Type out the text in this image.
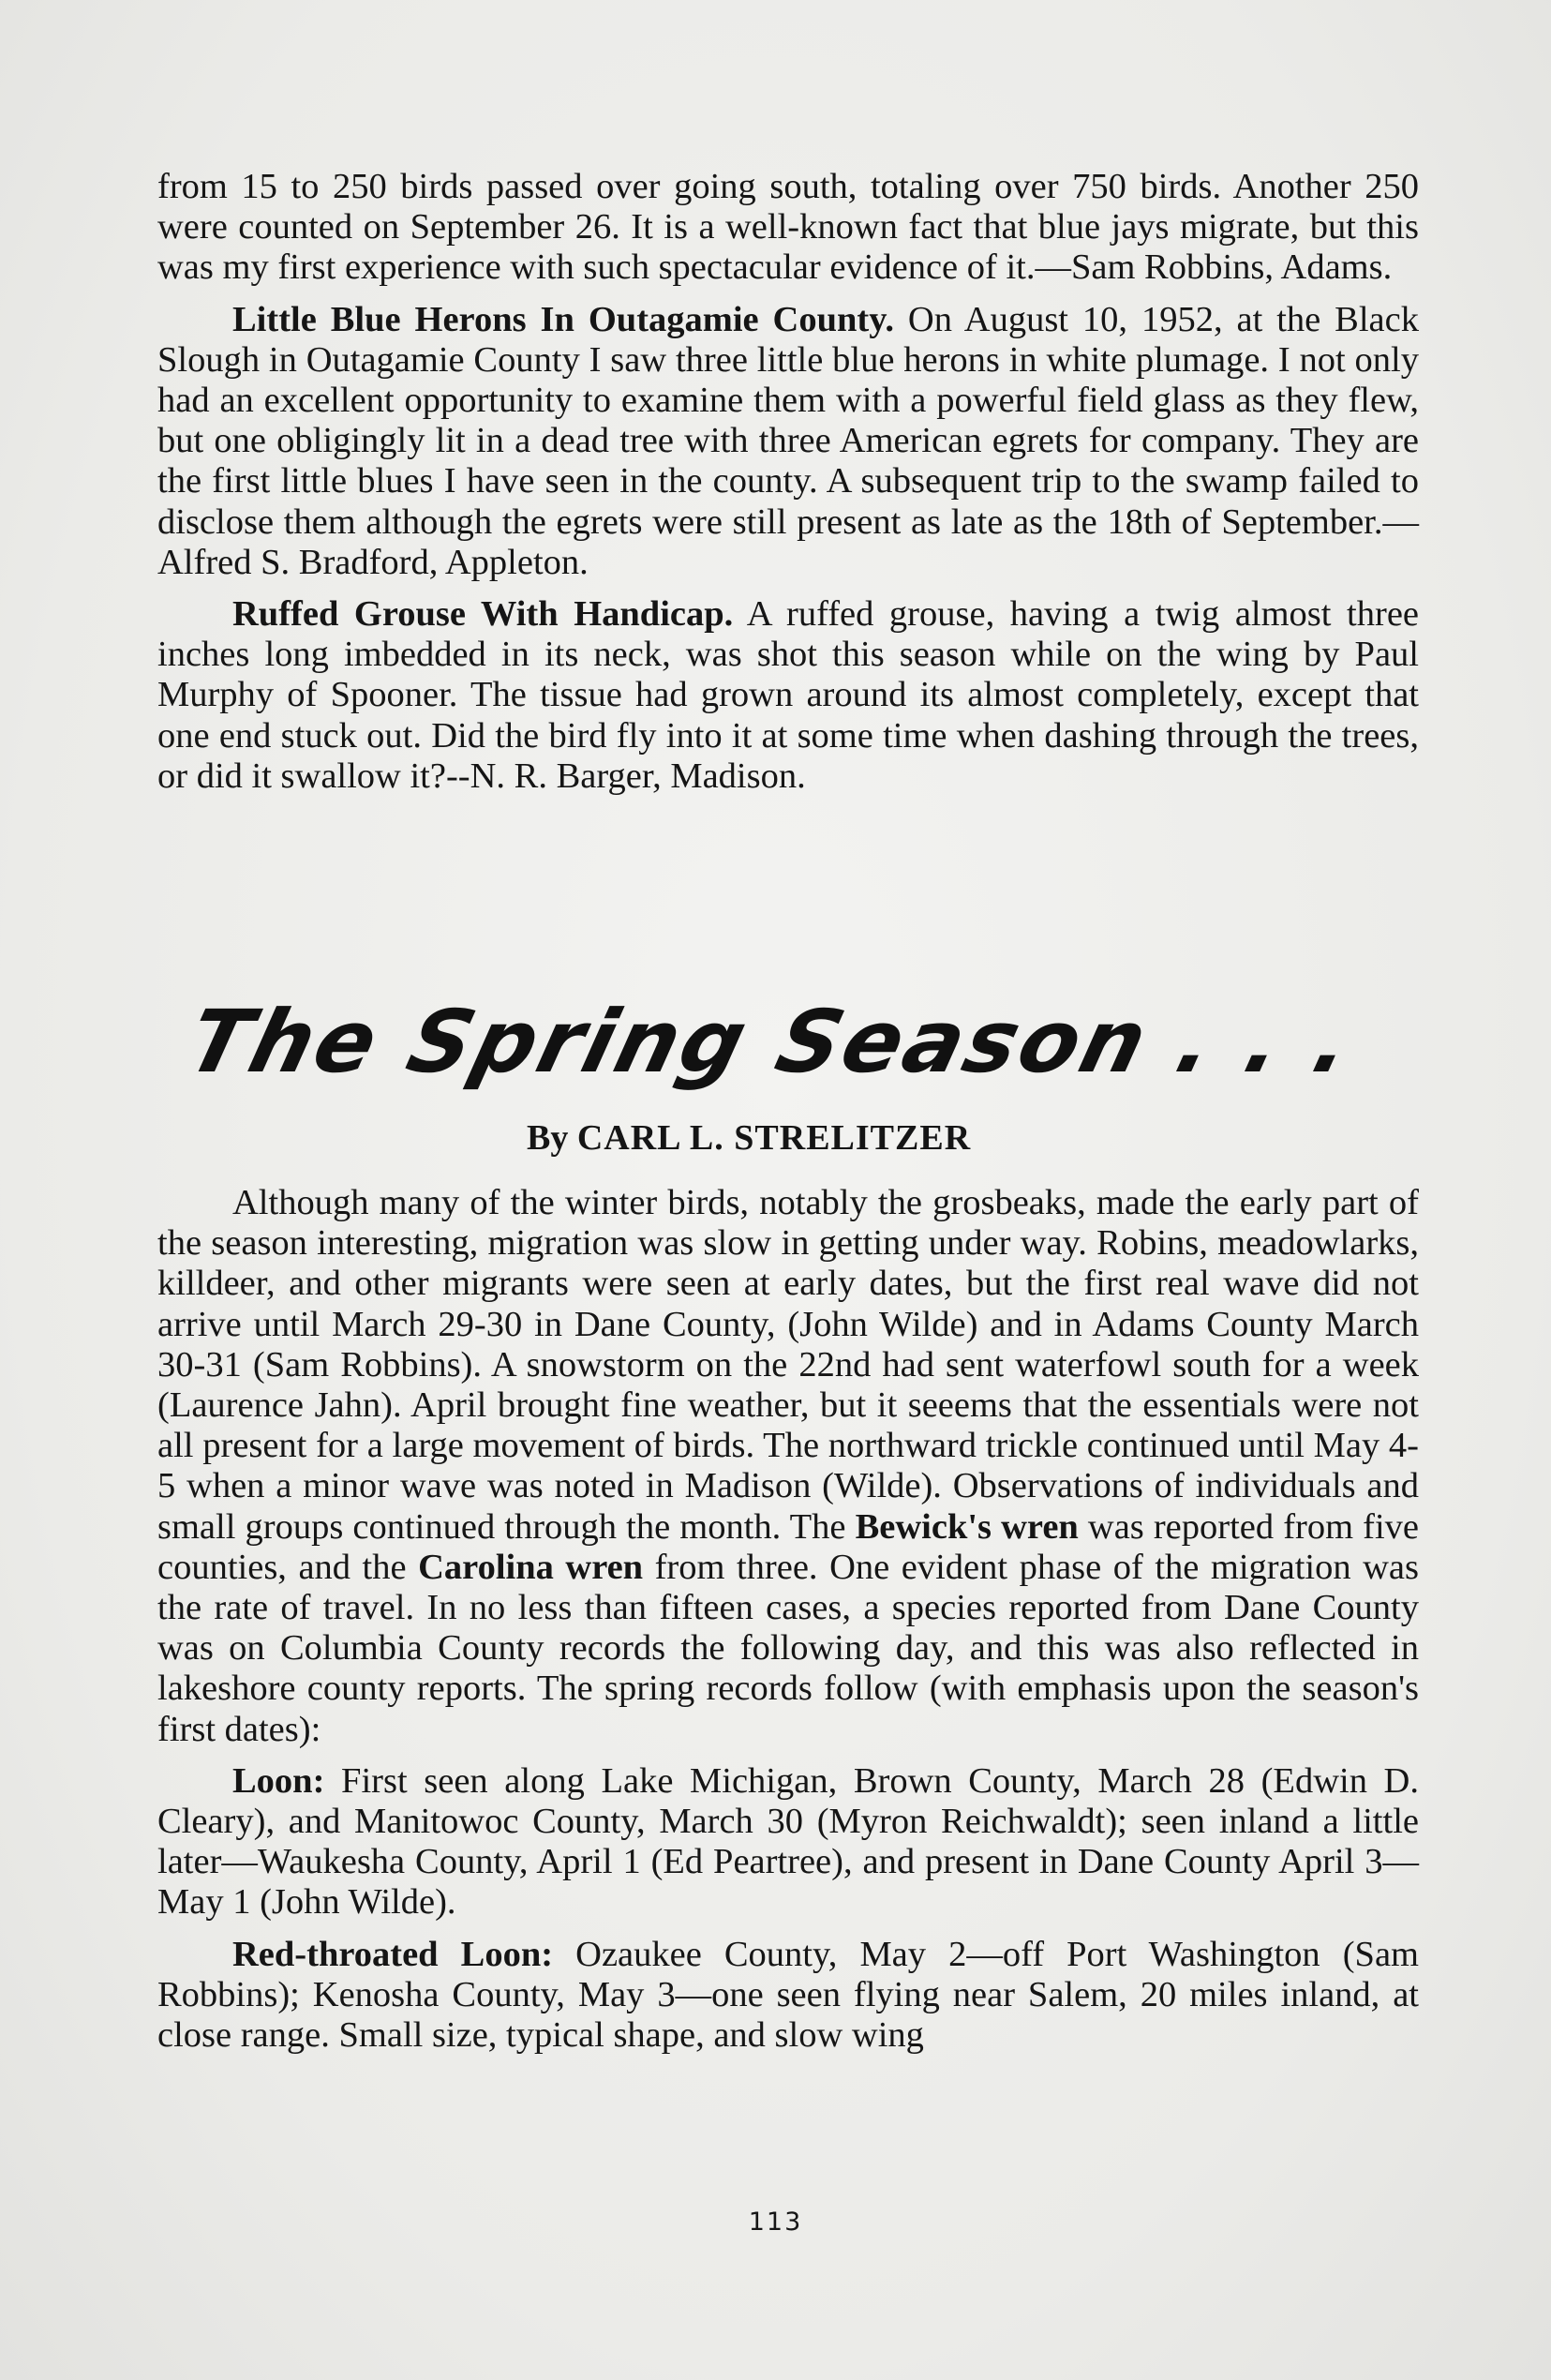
from 15 to 250 birds passed over going south, totaling over 750 birds. Another 250 were counted on September 26. It is a well-known fact that blue jays migrate, but this was my first experience with such spectacular evidence of it.—Sam Robbins, Adams.

Little Blue Herons In Outagamie County. On August 10, 1952, at the Black Slough in Outagamie County I saw three little blue herons in white plumage. I not only had an excellent opportunity to examine them with a powerful field glass as they flew, but one obligingly lit in a dead tree with three American egrets for company. They are the first little blues I have seen in the county. A subsequent trip to the swamp failed to disclose them although the egrets were still present as late as the 18th of September.—Alfred S. Bradford, Appleton.

Ruffed Grouse With Handicap. A ruffed grouse, having a twig almost three inches long imbedded in its neck, was shot this season while on the wing by Paul Murphy of Spooner. The tissue had grown around its almost completely, except that one end stuck out. Did the bird fly into it at some time when dashing through the trees, or did it swallow it?--N. R. Barger, Madison.

The Spring Season . . .
By CARL L. STRELITZER

Although many of the winter birds, notably the grosbeaks, made the early part of the season interesting, migration was slow in getting under way. Robins, meadowlarks, killdeer, and other migrants were seen at early dates, but the first real wave did not arrive until March 29-30 in Dane County, (John Wilde) and in Adams County March 30-31 (Sam Robbins). A snowstorm on the 22nd had sent waterfowl south for a week (Laurence Jahn). April brought fine weather, but it seeems that the essentials were not all present for a large movement of birds. The northward trickle continued until May 4-5 when a minor wave was noted in Madison (Wilde). Observations of individuals and small groups continued through the month. The Bewick's wren was reported from five counties, and the Carolina wren from three. One evident phase of the migration was the rate of travel. In no less than fifteen cases, a species reported from Dane County was on Columbia County records the following day, and this was also reflected in lakeshore county reports. The spring records follow (with emphasis upon the season's first dates):

Loon: First seen along Lake Michigan, Brown County, March 28 (Edwin D. Cleary), and Manitowoc County, March 30 (Myron Reichwaldt); seen inland a little later—Waukesha County, April 1 (Ed Peartree), and present in Dane County April 3—May 1 (John Wilde).

Red-throated Loon: Ozaukee County, May 2—off Port Washington (Sam Robbins); Kenosha County, May 3—one seen flying near Salem, 20 miles inland, at close range. Small size, typical shape, and slow wing

113
